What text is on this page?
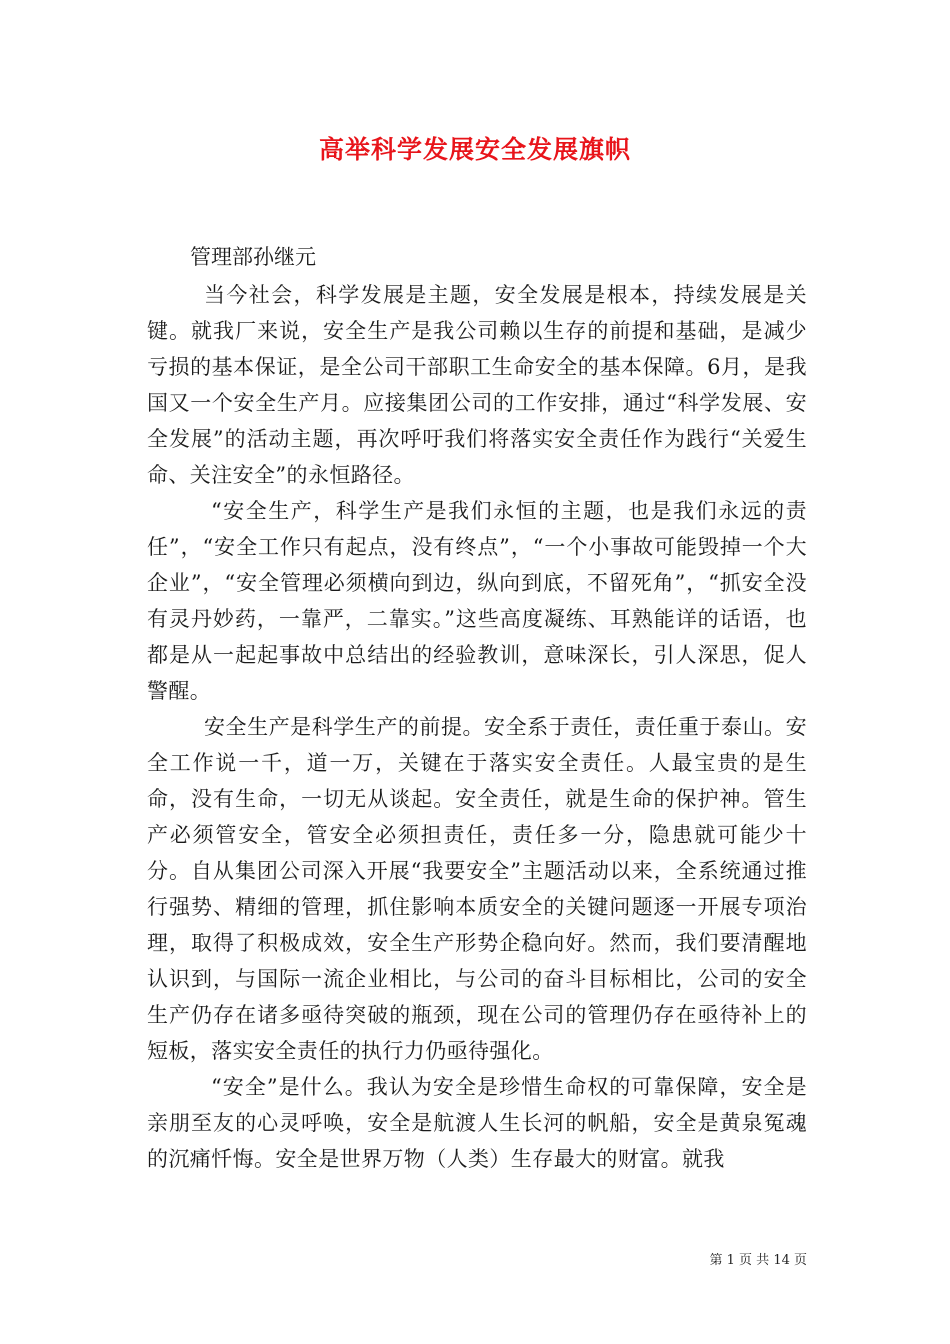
高举科学发展安全发展旗帜
管理部孙继元

当今社会，科学发展是主题，安全发展是根本，持续发展是关键。就我厂来说，安全生产是我公司赖以生存的前提和基础，是减少亏损的基本保证，是全公司干部职工生命安全的基本保障。6月，是我国又一个安全生产月。应接集团公司的工作安排，通过“科学发展、安全发展”的活动主题，再次呼吁我们将落实安全责任作为践行“关爱生命、关注安全”的永恒路径。

“安全生产，科学生产是我们永恒的主题，也是我们永远的责任”，“安全工作只有起点，没有终点”，“一个小事故可能毁掉一个大企业”，“安全管理必须横向到边，纵向到底，不留死角”，“抓安全没有灵丹妙药，一靠严，二靠实。”这些高度凝练、耳熟能详的话语，也都是从一起起事故中总结出的经验教训，意味深长，引人深思，促人警醒。

安全生产是科学生产的前提。安全系于责任，责任重于泰山。安全工作说一千，道一万，关键在于落实安全责任。人最宝贵的是生命，没有生命，一切无从谈起。安全责任，就是生命的保护神。管生产必须管安全，管安全必须担责任，责任多一分，隐患就可能少十分。自从集团公司深入开展“我要安全”主题活动以来，全系统通过推行强势、精细的管理，抓住影响本质安全的关键问题逐一开展专项治理，取得了积极成效，安全生产形势企稳向好。然而，我们要清醒地认识到，与国际一流企业相比，与公司的奋斗目标相比，公司的安全生产仍存在诸多亟待突破的瓶颈，现在公司的管理仍存在亟待补上的短板，落实安全责任的执行力仍亟待强化。

“安全”是什么。我认为安全是珍惜生命权的可靠保障，安全是亲朋至友的心灵呼唤，安全是航渡人生长河的帆船，安全是黄泉冤魂的沉痛忏悔。安全是世界万物（人类）生存最大的财富。就我

第 1 页 共 14 页
